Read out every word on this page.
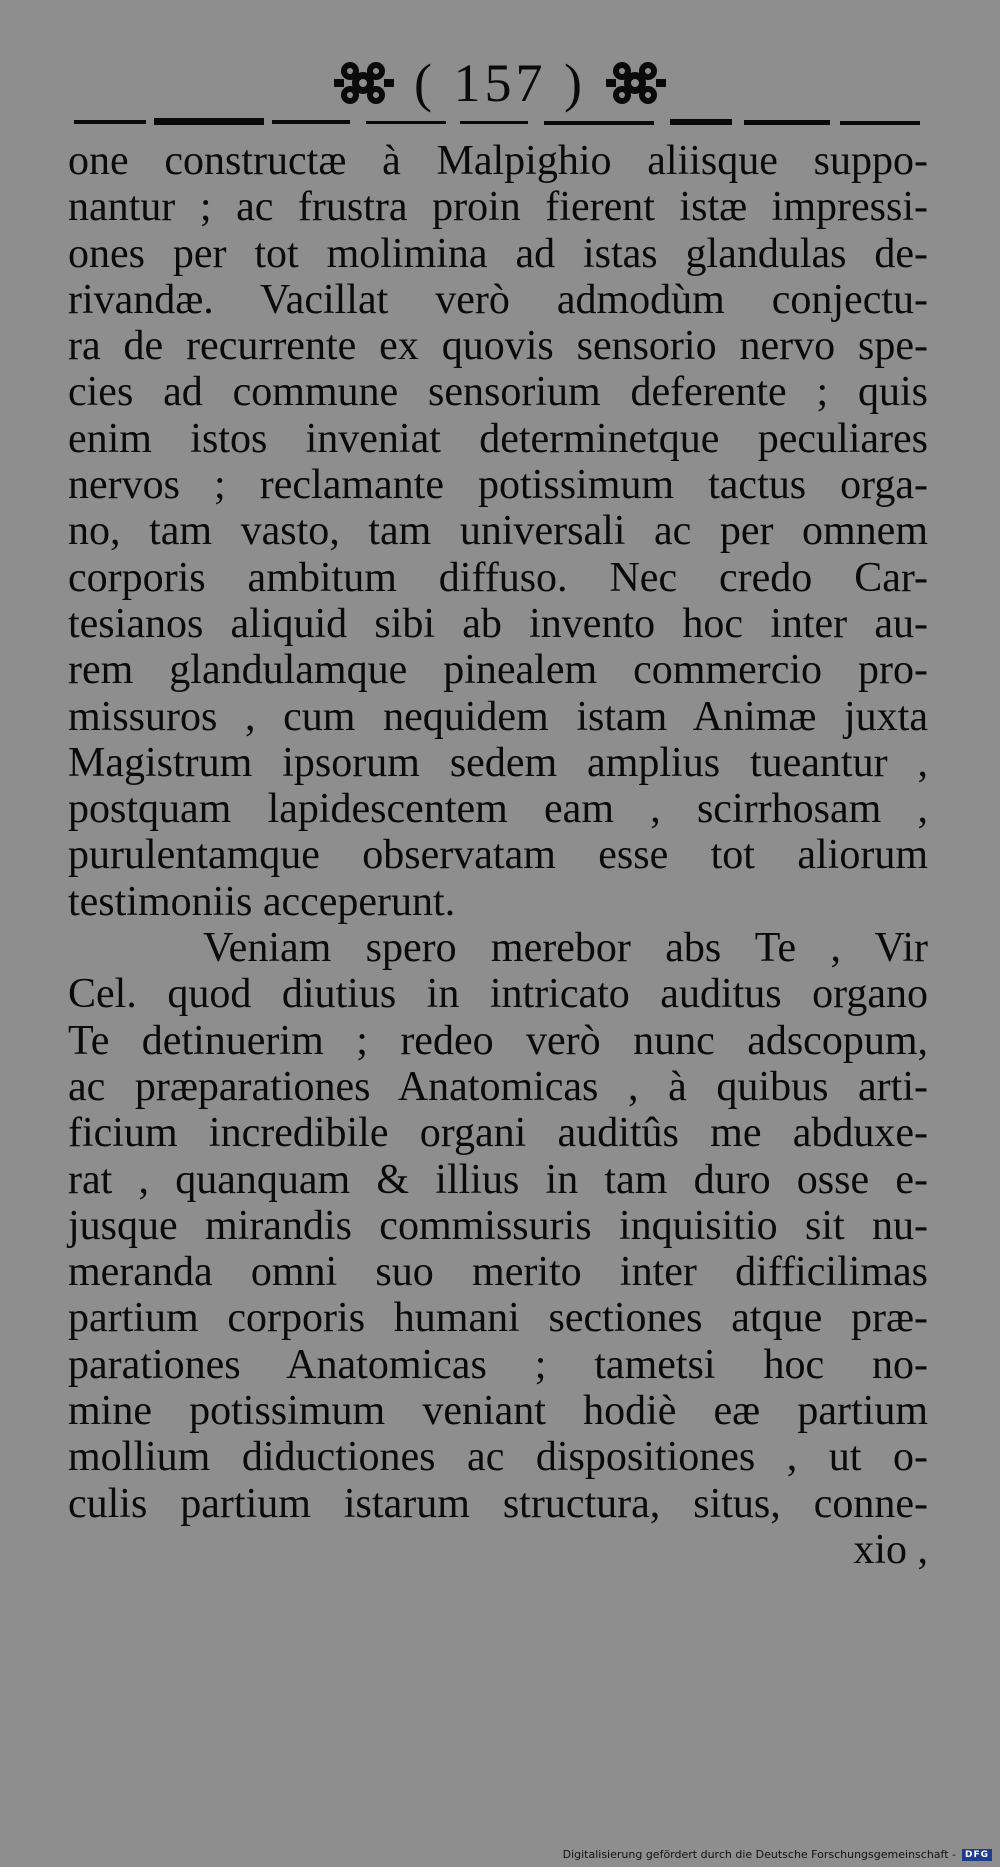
( 157 )
one constructæ à Malpighio aliisque suppo-
nantur ; ac frustra proin fierent istæ impressi-
ones per tot molimina ad istas glandulas de-
rivandæ. Vacillat verò admodùm conjectu-
ra de recurrente ex quovis sensorio nervo spe-
cies ad commune sensorium deferente ; quis
enim istos inveniat determinetque peculiares
nervos ; reclamante potissimum tactus orga-
no, tam vasto, tam universali ac per omnem
corporis ambitum diffuso. Nec credo Car-
tesianos aliquid sibi ab invento hoc inter au-
rem glandulamque pinealem commercio pro-
missuros , cum nequidem istam Animæ juxta
Magistrum ipsorum sedem amplius tueantur ,
postquam lapidescentem eam , scirrhosam ,
purulentamque observatam esse tot aliorum
testimoniis acceperunt.
Veniam spero merebor abs Te , Vir
Cel. quod diutius in intricato auditus organo
Te detinuerim ; redeo verò nunc adscopum,
ac præparationes Anatomicas , à quibus arti-
ficium incredibile organi auditûs me abduxe-
rat , quanquam & illius in tam duro osse e-
jusque mirandis commissuris inquisitio sit nu-
meranda omni suo merito inter difficilimas
partium corporis humani sectiones atque præ-
parationes Anatomicas ; tametsi hoc no-
mine potissimum veniant hodiè eæ partium
mollium diductiones ac dispositiones , ut o-
culis partium istarum structura, situs, conne-
xio ,
Digitalisierung gefördert durch die Deutsche Forschungsgemeinschaft -	DFG
